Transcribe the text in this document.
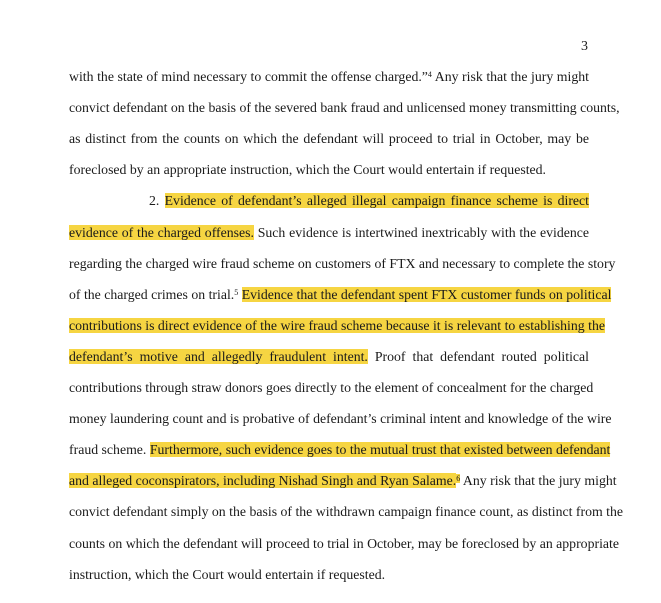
3
with the state of mind necessary to commit the offense charged.”$^4$ Any risk that the jury might
convict defendant on the basis of the severed bank fraud and unlicensed money transmitting counts,
as distinct from the counts on which the defendant will proceed to trial in October, may be
foreclosed by an appropriate instruction, which the Court would entertain if requested.
2. Evidence of defendant’s alleged illegal campaign finance scheme is direct
evidence of the charged offenses. Such evidence is intertwined inextricably with the evidence
regarding the charged wire fraud scheme on customers of FTX and necessary to complete the story
of the charged crimes on trial.$^5$ Evidence that the defendant spent FTX customer funds on political
contributions is direct evidence of the wire fraud scheme because it is relevant to establishing the
defendant’s motive and allegedly fraudulent intent. Proof that defendant routed political
contributions through straw donors goes directly to the element of concealment for the charged
money laundering count and is probative of defendant’s criminal intent and knowledge of the wire
fraud scheme. Furthermore, such evidence goes to the mutual trust that existed between defendant
and alleged coconspirators, including Nishad Singh and Ryan Salame.$^6$ Any risk that the jury might
convict defendant simply on the basis of the withdrawn campaign finance count, as distinct from the
counts on which the defendant will proceed to trial in October, may be foreclosed by an appropriate
instruction, which the Court would entertain if requested.
